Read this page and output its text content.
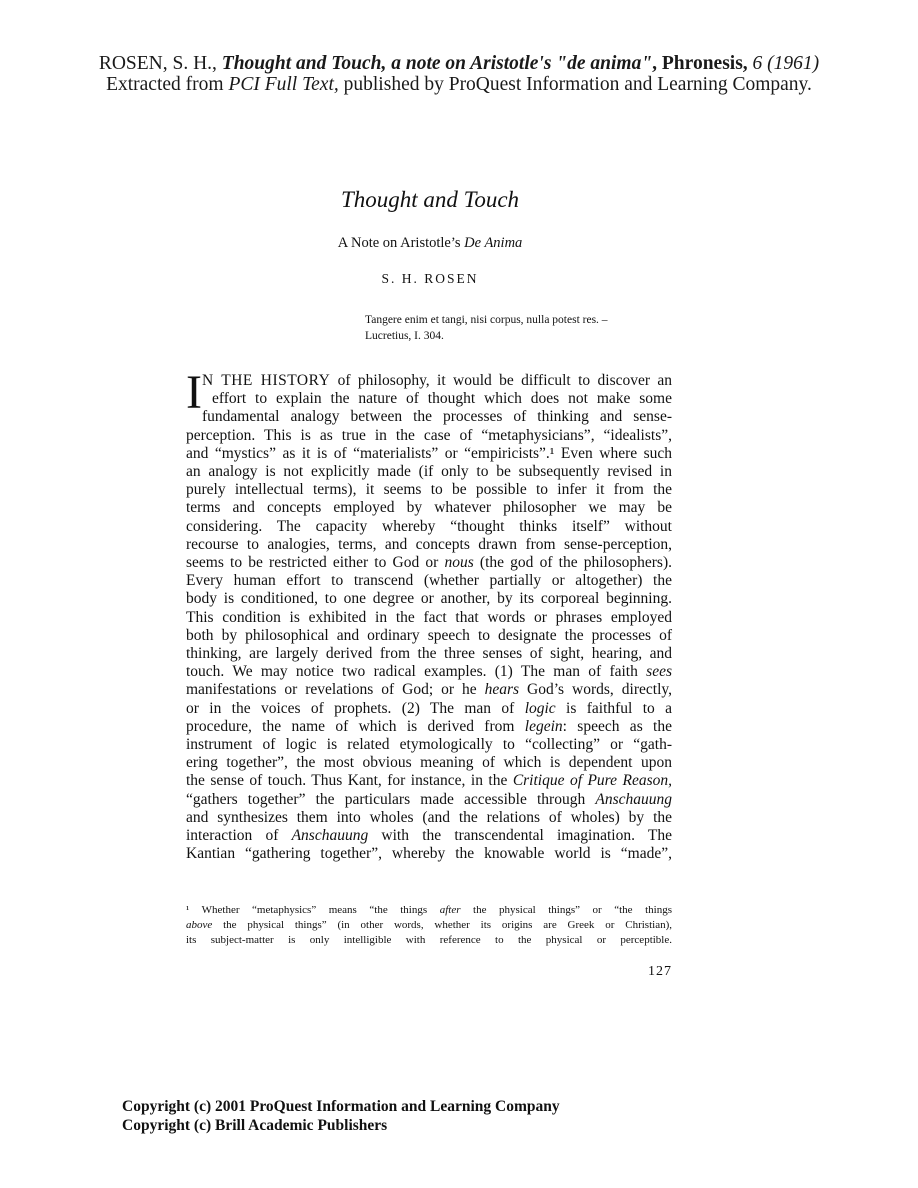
ROSEN, S. H., Thought and Touch, a note on Aristotle's "de anima", Phronesis, 6 (1961)
Extracted from PCI Full Text, published by ProQuest Information and Learning Company.
Thought and Touch
A Note on Aristotle’s De Anima
S. H. ROSEN
Tangere enim et tangi, nisi corpus, nulla potest res. –
Lucretius, I. 304.
I N THE HISTORY of philosophy, it would be difficult to discover an
effort to explain the nature of thought which does not make some
fundamental analogy between the processes of thinking and sense-
perception. This is as true in the case of “metaphysicians”, “idealists”,
and “mystics” as it is of “materialists” or “empiricists”.¹ Even where such
an analogy is not explicitly made (if only to be subsequently revised in
purely intellectual terms), it seems to be possible to infer it from the
terms and concepts employed by whatever philosopher we may be
considering. The capacity whereby “thought thinks itself” without
recourse to analogies, terms, and concepts drawn from sense-perception,
seems to be restricted either to God or nous (the god of the philosophers).
Every human effort to transcend (whether partially or altogether) the
body is conditioned, to one degree or another, by its corporeal beginning.
This condition is exhibited in the fact that words or phrases employed
both by philosophical and ordinary speech to designate the processes of
thinking, are largely derived from the three senses of sight, hearing, and
touch. We may notice two radical examples. (1) The man of faith sees
manifestations or revelations of God; or he hears God’s words, directly,
or in the voices of prophets. (2) The man of logic is faithful to a
procedure, the name of which is derived from legein: speech as the
instrument of logic is related etymologically to “collecting” or “gath-
ering together”, the most obvious meaning of which is dependent upon
the sense of touch. Thus Kant, for instance, in the Critique of Pure Reason,
“gathers together” the particulars made accessible through Anschauung
and synthesizes them into wholes (and the relations of wholes) by the
interaction of Anschauung with the transcendental imagination. The
Kantian “gathering together”, whereby the knowable world is “made”,
¹ Whether “metaphysics” means “the things after the physical things” or “the things
above the physical things” (in other words, whether its origins are Greek or Christian),
its subject-matter is only intelligible with reference to the physical or perceptible.
127
Copyright (c) 2001 ProQuest Information and Learning Company
Copyright (c) Brill Academic Publishers
